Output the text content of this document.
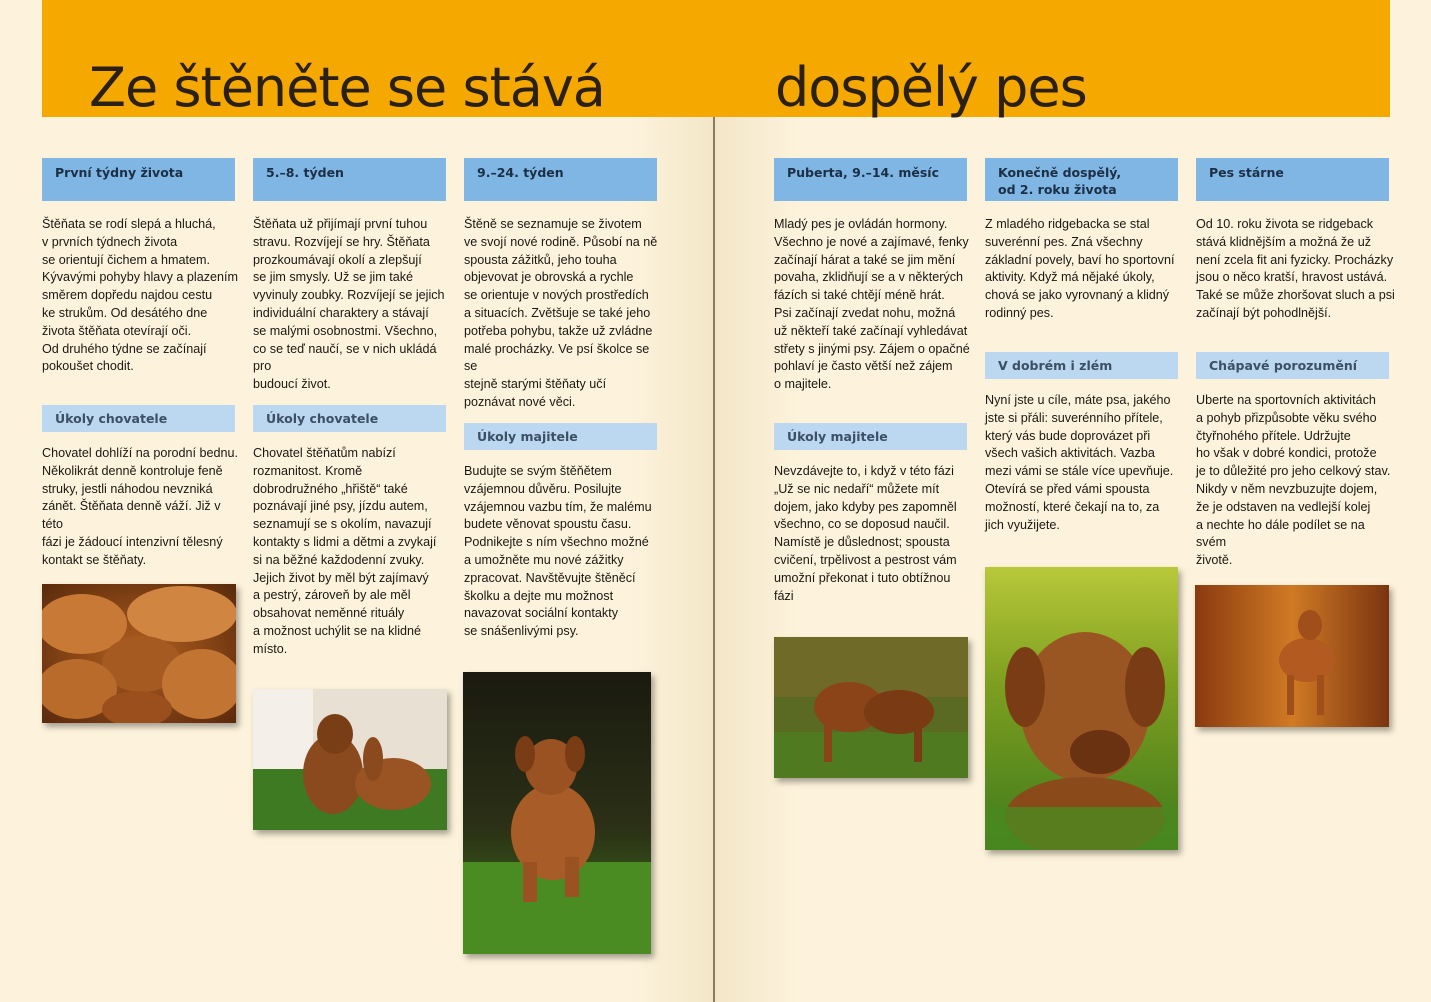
Ze štěněte se stává	dospělý pes
První týdny života
Štěňata se rodí slepá a hluchá,
v prvních týdnech života
se orientují čichem a hmatem.
Kývavými pohyby hlavy a plazením
směrem dopředu najdou cestu
ke strukům. Od desátého dne
života štěňata otevírají oči.
Od druhého týdne se začínají
pokoušet chodit.
Úkoly chovatele
Chovatel dohlíží na porodní bednu.
Několikrát denně kontroluje feně
struky, jestli náhodou nevzniká
zánět. Štěňata denně váží. Již v této
fázi je žádoucí intenzivní tělesný
kontakt se štěňaty.
5.–8. týden
Štěňata už přijímají první tuhou
stravu. Rozvíjejí se hry. Štěňata
prozkoumávají okolí a zlepšují
se jim smysly. Už se jim také
vyvinuly zoubky. Rozvíjejí se jejich
individuální charaktery a stávají
se malými osobnostmi. Všechno,
co se teď naučí, se v nich ukládá pro
budoucí život.
Úkoly chovatele
Chovatel štěňatům nabízí
rozmanitost. Kromě
dobrodružného „hřiště“ také
poznávají jiné psy, jízdu autem,
seznamují se s okolím, navazují
kontakty s lidmi a dětmi a zvykají
si na běžné každodenní zvuky.
Jejich život by měl být zajímavý
a pestrý, zároveň by ale měl
obsahovat neměnné rituály
a možnost uchýlit se na klidné
místo.
9.–24. týden
Štěně se seznamuje se životem
ve svojí nové rodině. Působí na ně
spousta zážitků, jeho touha
objevovat je obrovská a rychle
se orientuje v nových prostředích
a situacích. Zvětšuje se také jeho
potřeba pohybu, takže už zvládne
malé procházky. Ve psí školce se se
stejně starými štěňaty učí
poznávat nové věci.
Úkoly majitele
Budujte se svým štěňětem
vzájemnou důvěru. Posilujte
vzájemnou vazbu tím, že malému
budete věnovat spoustu času.
Podnikejte s ním všechno možné
a umožněte mu nové zážitky
zpracovat. Navštěvujte štěněcí
školku a dejte mu možnost
navazovat sociální kontakty
se snášenlivými psy.
Puberta, 9.–14. měsíc
Mladý pes je ovládán hormony.
Všechno je nové a zajímavé, fenky
začínají hárat a také se jim mění
povaha, zklidňují se a v některých
fázích si také chtějí méně hrát.
Psi začínají zvedat nohu, možná
už někteří také začínají vyhledávat
střety s jinými psy. Zájem o opačné
pohlaví je často větší než zájem
o majitele.
Úkoly majitele
Nevzdávejte to, i když v této fázi
„Už se nic nedaří“ můžete mít
dojem, jako kdyby pes zapomněl
všechno, co se doposud naučil.
Namístě je důslednost; spousta
cvičení, trpělivost a pestrost vám
umožní překonat i tuto obtížnou
fázi
Konečně dospělý,
od 2. roku života
Z mladého ridgebacka se stal
suverénní pes. Zná všechny
základní povely, baví ho sportovní
aktivity. Když má nějaké úkoly,
chová se jako vyrovnaný a klidný
rodinný pes.
V dobrém i zlém
Nyní jste u cíle, máte psa, jakého
jste si přáli: suverénního přítele,
který vás bude doprovázet při
všech vašich aktivitách. Vazba
mezi vámi se stále více upevňuje.
Otevírá se před vámi spousta
možností, které čekají na to, za
jich využijete.
Pes stárne
Od 10. roku života se ridgeback
stává klidnějším a možná že už
není zcela fit ani fyzicky. Procházky
jsou o něco kratší, hravost ustává.
Také se může zhoršovat sluch a psi
začínají být pohodlnější.
Chápavé porozumění
Uberte na sportovních aktivitách
a pohyb přizpůsobte věku svého
čtyřnohého přítele. Udržujte
ho však v dobré kondici, protože
je to důležité pro jeho celkový stav.
Nikdy v něm nevzbuzujte dojem,
že je odstaven na vedlejší kolej
a nechte ho dále podílet se na svém
životě.
